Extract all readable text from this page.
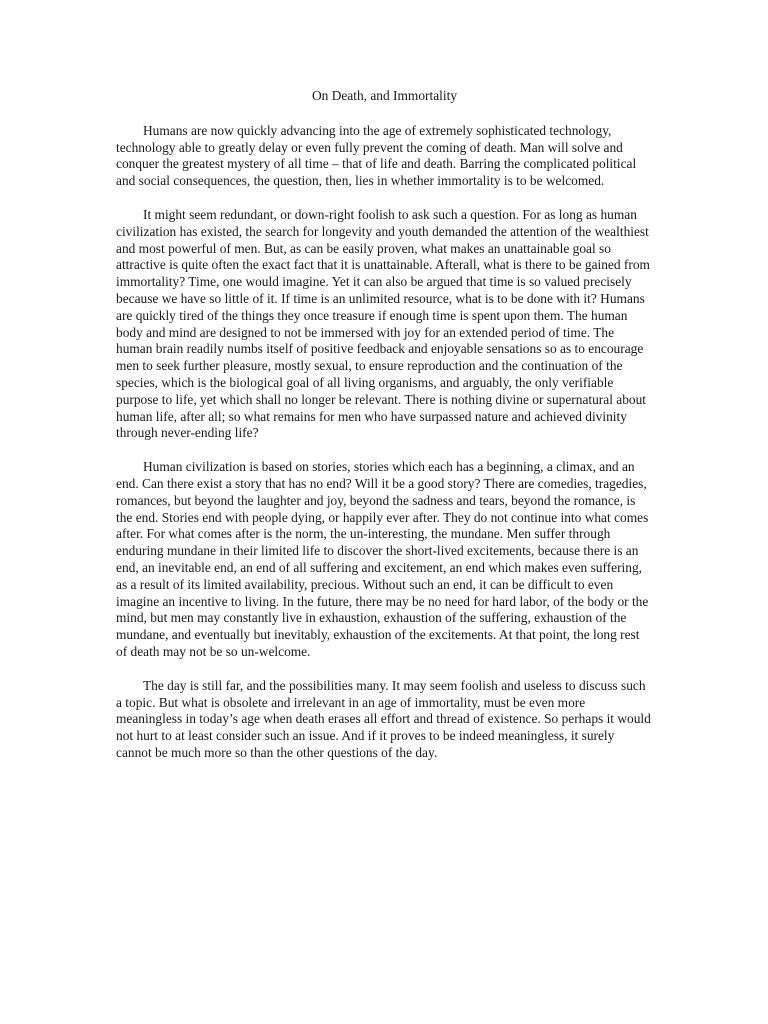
On Death, and Immortality

Humans are now quickly advancing into the age of extremely sophisticated technology, technology able to greatly delay or even fully prevent the coming of death. Man will solve and conquer the greatest mystery of all time – that of life and death. Barring the complicated political and social consequences, the question, then, lies in whether immortality is to be welcomed.

It might seem redundant, or down-right foolish to ask such a question. For as long as human civilization has existed, the search for longevity and youth demanded the attention of the wealthiest and most powerful of men. But, as can be easily proven, what makes an unattainable goal so attractive is quite often the exact fact that it is unattainable. Afterall, what is there to be gained from immortality? Time, one would imagine. Yet it can also be argued that time is so valued precisely because we have so little of it. If time is an unlimited resource, what is to be done with it? Humans are quickly tired of the things they once treasure if enough time is spent upon them. The human body and mind are designed to not be immersed with joy for an extended period of time. The human brain readily numbs itself of positive feedback and enjoyable sensations so as to encourage men to seek further pleasure, mostly sexual, to ensure reproduction and the continuation of the species, which is the biological goal of all living organisms, and arguably, the only verifiable purpose to life, yet which shall no longer be relevant. There is nothing divine or supernatural about human life, after all; so what remains for men who have surpassed nature and achieved divinity through never-ending life?

Human civilization is based on stories, stories which each has a beginning, a climax, and an end. Can there exist a story that has no end? Will it be a good story? There are comedies, tragedies, romances, but beyond the laughter and joy, beyond the sadness and tears, beyond the romance, is the end. Stories end with people dying, or happily ever after. They do not continue into what comes after. For what comes after is the norm, the un-interesting, the mundane. Men suffer through enduring mundane in their limited life to discover the short-lived excitements, because there is an end, an inevitable end, an end of all suffering and excitement, an end which makes even suffering, as a result of its limited availability, precious. Without such an end, it can be difficult to even imagine an incentive to living. In the future, there may be no need for hard labor, of the body or the mind, but men may constantly live in exhaustion, exhaustion of the suffering, exhaustion of the mundane, and eventually but inevitably, exhaustion of the excitements. At that point, the long rest of death may not be so un-welcome.

The day is still far, and the possibilities many. It may seem foolish and useless to discuss such a topic. But what is obsolete and irrelevant in an age of immortality, must be even more meaningless in today’s age when death erases all effort and thread of existence. So perhaps it would not hurt to at least consider such an issue. And if it proves to be indeed meaningless, it surely cannot be much more so than the other questions of the day.
